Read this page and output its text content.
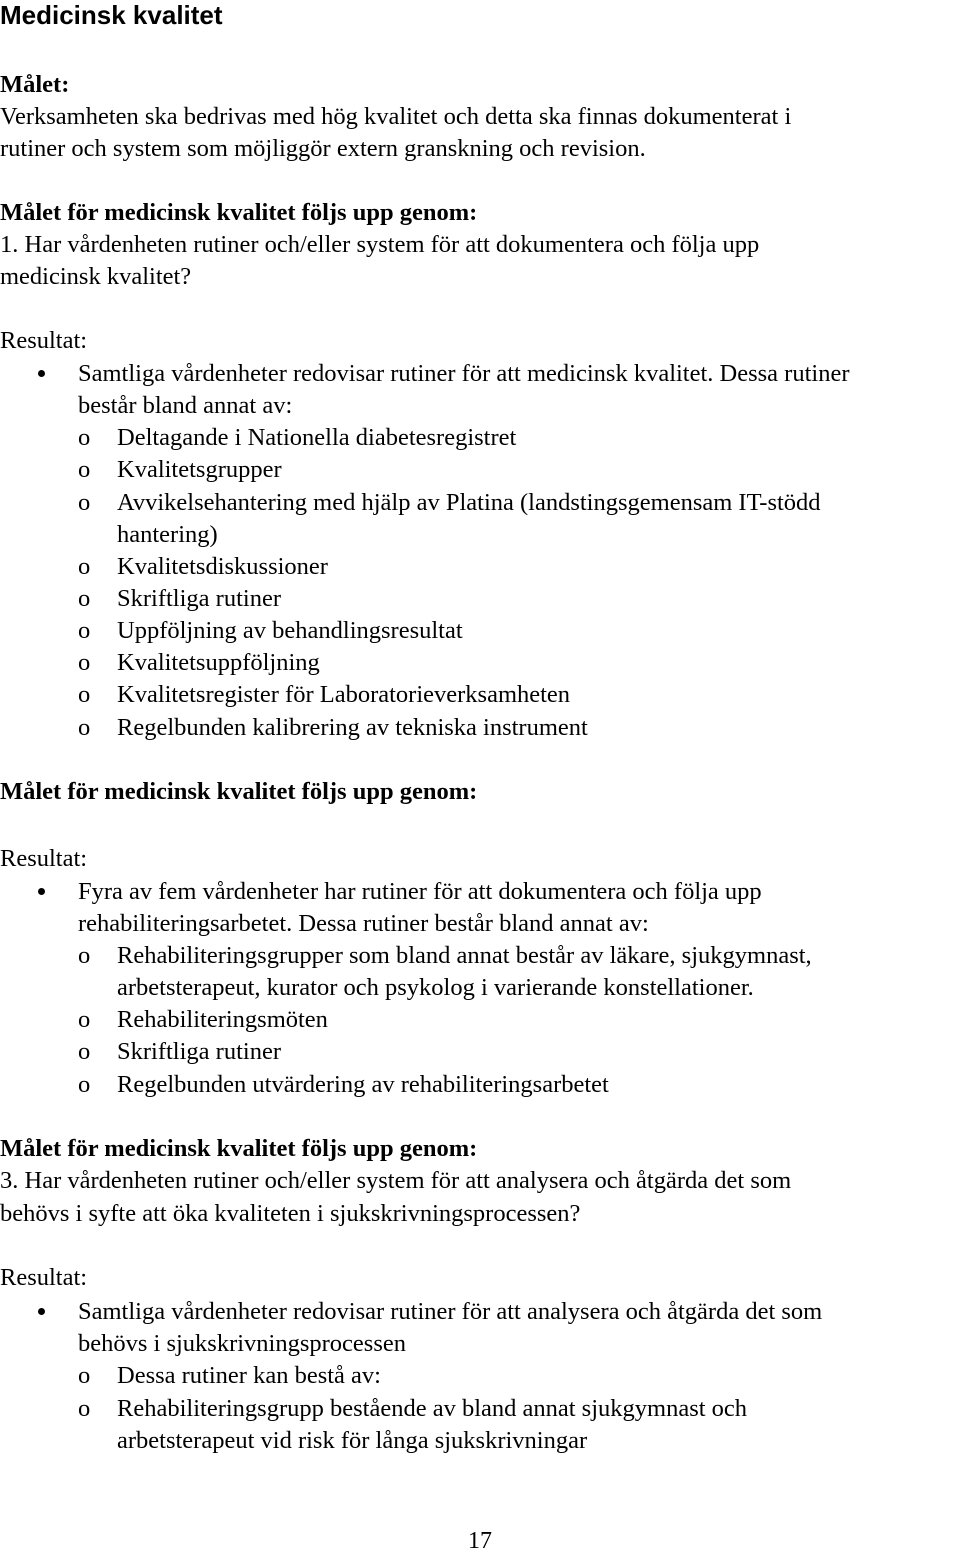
Medicinsk kvalitet
Målet:
Verksamheten ska bedrivas med hög kvalitet och detta ska finnas dokumenterat i
rutiner och system som möjliggör extern granskning och revision.
Målet för medicinsk kvalitet följs upp genom:
1. Har vårdenheten rutiner och/eller system för att dokumentera och följa upp
medicinsk kvalitet?
Resultat:
Samtliga vårdenheter redovisar rutiner för att medicinsk kvalitet. Dessa rutiner
består bland annat av:
o Deltagande i Nationella diabetesregistret
o Kvalitetsgrupper
o Avvikelsehantering med hjälp av Platina (landstingsgemensam IT-stödd
hantering)
o Kvalitetsdiskussioner
o Skriftliga rutiner
o Uppföljning av behandlingsresultat
o Kvalitetsuppföljning
o Kvalitetsregister för Laboratorieverksamheten
o Regelbunden kalibrering av tekniska instrument
Målet för medicinsk kvalitet följs upp genom:
Resultat:
Fyra av fem vårdenheter har rutiner för att dokumentera och följa upp
rehabiliteringsarbetet. Dessa rutiner består bland annat av:
o Rehabiliteringsgrupper som bland annat består av läkare, sjukgymnast,
arbetsterapeut, kurator och psykolog i varierande konstellationer.
o Rehabiliteringsmöten
o Skriftliga rutiner
o Regelbunden utvärdering av rehabiliteringsarbetet
Målet för medicinsk kvalitet följs upp genom:
3. Har vårdenheten rutiner och/eller system för att analysera och åtgärda det som
behövs i syfte att öka kvaliteten i sjukskrivningsprocessen?
Resultat:
Samtliga vårdenheter redovisar rutiner för att analysera och åtgärda det som
behövs i sjukskrivningsprocessen
o Dessa rutiner kan bestå av:
o Rehabiliteringsgrupp bestående av bland annat sjukgymnast och
arbetsterapeut vid risk för långa sjukskrivningar
17
